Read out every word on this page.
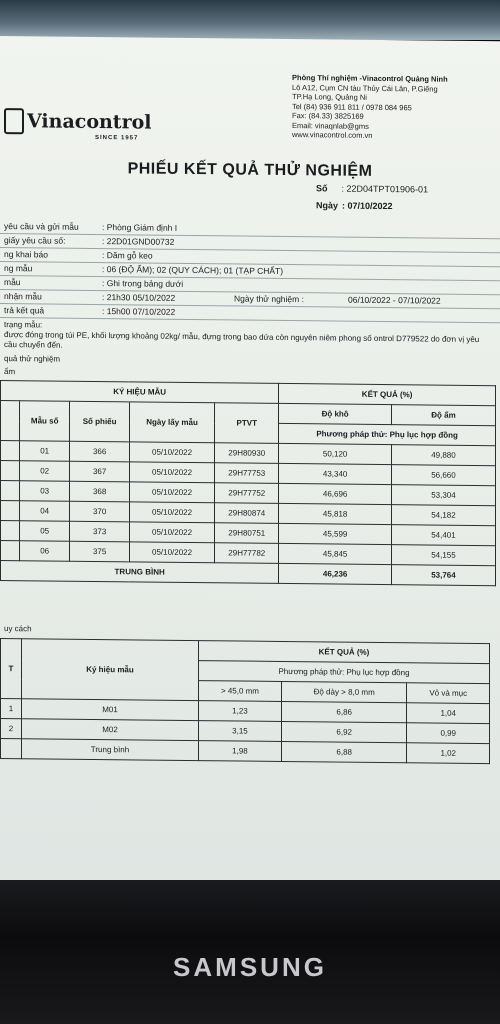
Phòng Thí nghiệm -Vinacontrol Quảng Ninh
Lô A12, Cụm CN tàu Thủy Cái Lân, P.Giếng
TP.Hạ Long, Quảng Ni
Tel (84) 936 911 811 / 0978 084 965
Fax: (84.33) 3825169
Email: vinaqnlab@gms
www.vinacontrol.com.vn
Vinacontrol
SINCE 1957
PHIẾU KẾT QUẢ THỬ NGHIỆM
Số : 22D04TPT01906-01
Ngày : 07/10/2022
yêu cầu và gửi mẫu	: Phòng Giám định I
giấy yêu cầu số:	: 22D01GND00732
ng khai báo	: Dăm gỗ keo
ng mẫu	: 06 (ĐỘ ẨM); 02 (QUY CÁCH); 01 (TẠP CHẤT)
mẫu	: Ghi trong bảng dưới
nhận mẫu	: 21h30 05/10/2022	Ngày thử nghiệm :	06/10/2022 - 07/10/2022
trả kết quả	: 15h00 07/10/2022
trạng mẫu:
được đóng trong túi PE, khối lượng khoảng 02kg/ mẫu, đựng trong bao dứa còn nguyên niêm phong số ontrol D779522 do đơn vị yêu cầu chuyển đến.
quả thử nghiệm
ẩm
KÝ HIỆU MẪU					KẾT QUẢ (%)	
	Mẫu số	Số phiếu	Ngày lấy mẫu	PTVT	Độ khô	Độ ẩm
					Phương pháp thử: Phụ lục hợp đồng	
	01	366	05/10/2022	29H80930	50,120	49,880
	02	367	05/10/2022	29H77753	43,340	56,660
	03	368	05/10/2022	29H77752	46,696	53,304
	04	370	05/10/2022	29H80874	45,818	54,182
	05	373	05/10/2022	29H80751	45,599	54,401
	06	375	05/10/2022	29H77782	45,845	54,155
TRUNG BÌNH					46,236	53,764
uy cách
T	Ký hiệu mẫu	KẾT QUẢ (%)		
		Phương pháp thử: Phụ lục hợp đồng		
		> 45,0 mm	Độ dày > 8,0 mm	Vỏ và mục
1	M01	1,23	6,86	1,04
2	M02	3,15	6,92	0,99
	Trung bình	1,98	6,88	1,02
SAMSUNG
